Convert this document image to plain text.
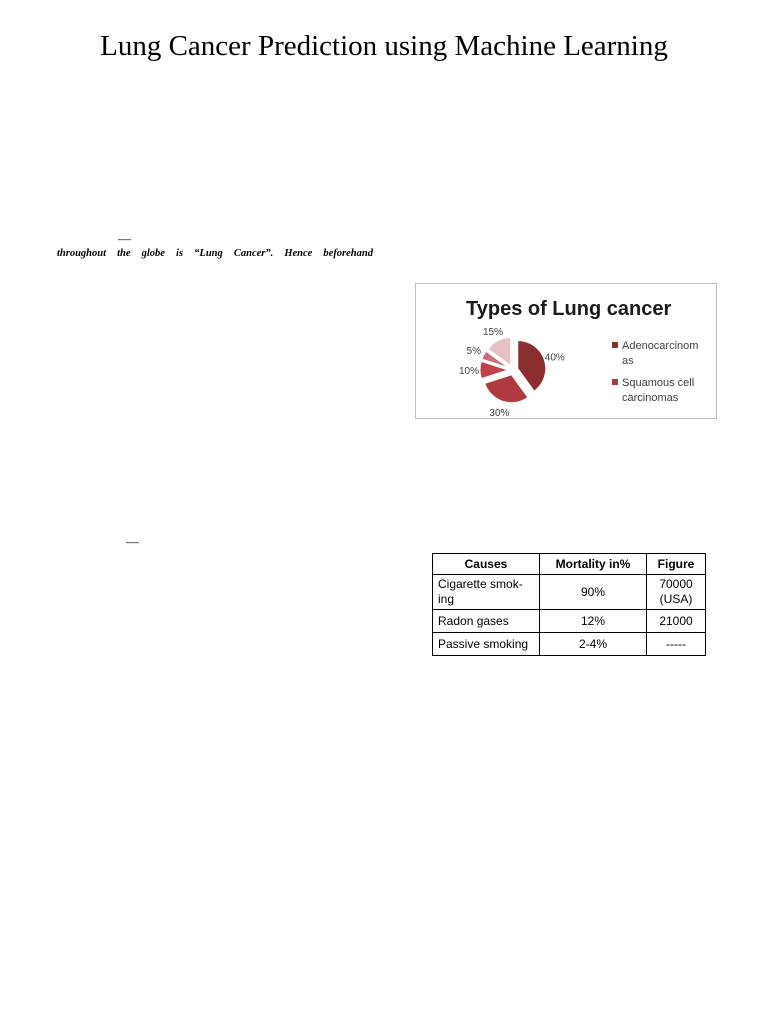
Lung Cancer Prediction using Machine Learning
—
throughout the globe is “Lung Cancer”. Hence beforehand
—
Types of Lung cancer
40%
30%
10%
5%
15%
Adenocarcinom
as
Squamous cell
carcinomas
Causes	Mortality in%	Figure
Cigarette smok-ing	90%	70000 (USA)
Radon gases	12%	21000
Passive smoking	2-4%	-----
